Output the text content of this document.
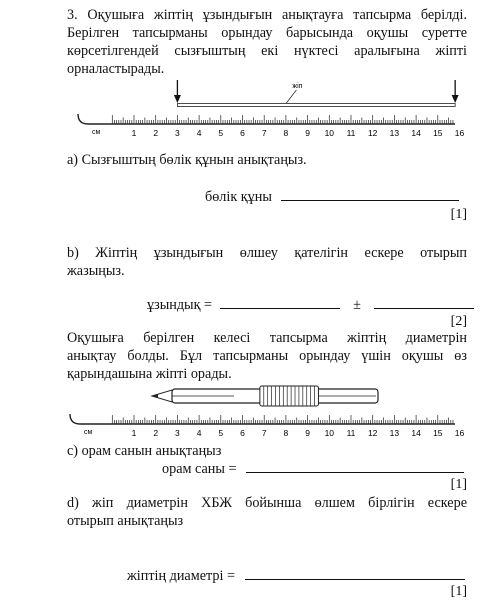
3. Оқушыға жіптің ұзындығын анықтауға тапсырма берілді.
Берілген тапсырманы орындау барысында оқушы суретте
көрсетілгендей сызғыштың екі нүктесі аралығына жіпті
орналастырады.
см	1 2 3 4 5 6 7 8 9 10 11 12 13 14 15 16
жіп
а) Сызғыштың бөлік құнын анықтаңыз.
бөлік құны
[1]
b) Жіптің ұзындығын өлшеу қателігін ескере отырып
жазыңыз.
ұзындық =	±
[2]
Оқушыға берілген келесі тапсырма жіптің диаметрін
анықтау болды. Бұл тапсырманы орындау үшін оқушы өз
қарындашына жіпті орады.
см	1 2 3 4 5 6 7 8 9 10 11 12 13 14 15 16
c) орам санын анықтаңыз
орам саны =
[1]
d) жіп диаметрін ХБЖ бойынша өлшем бірлігін ескере
отырып анықтаңыз
жіптің диаметрі =
[1]
